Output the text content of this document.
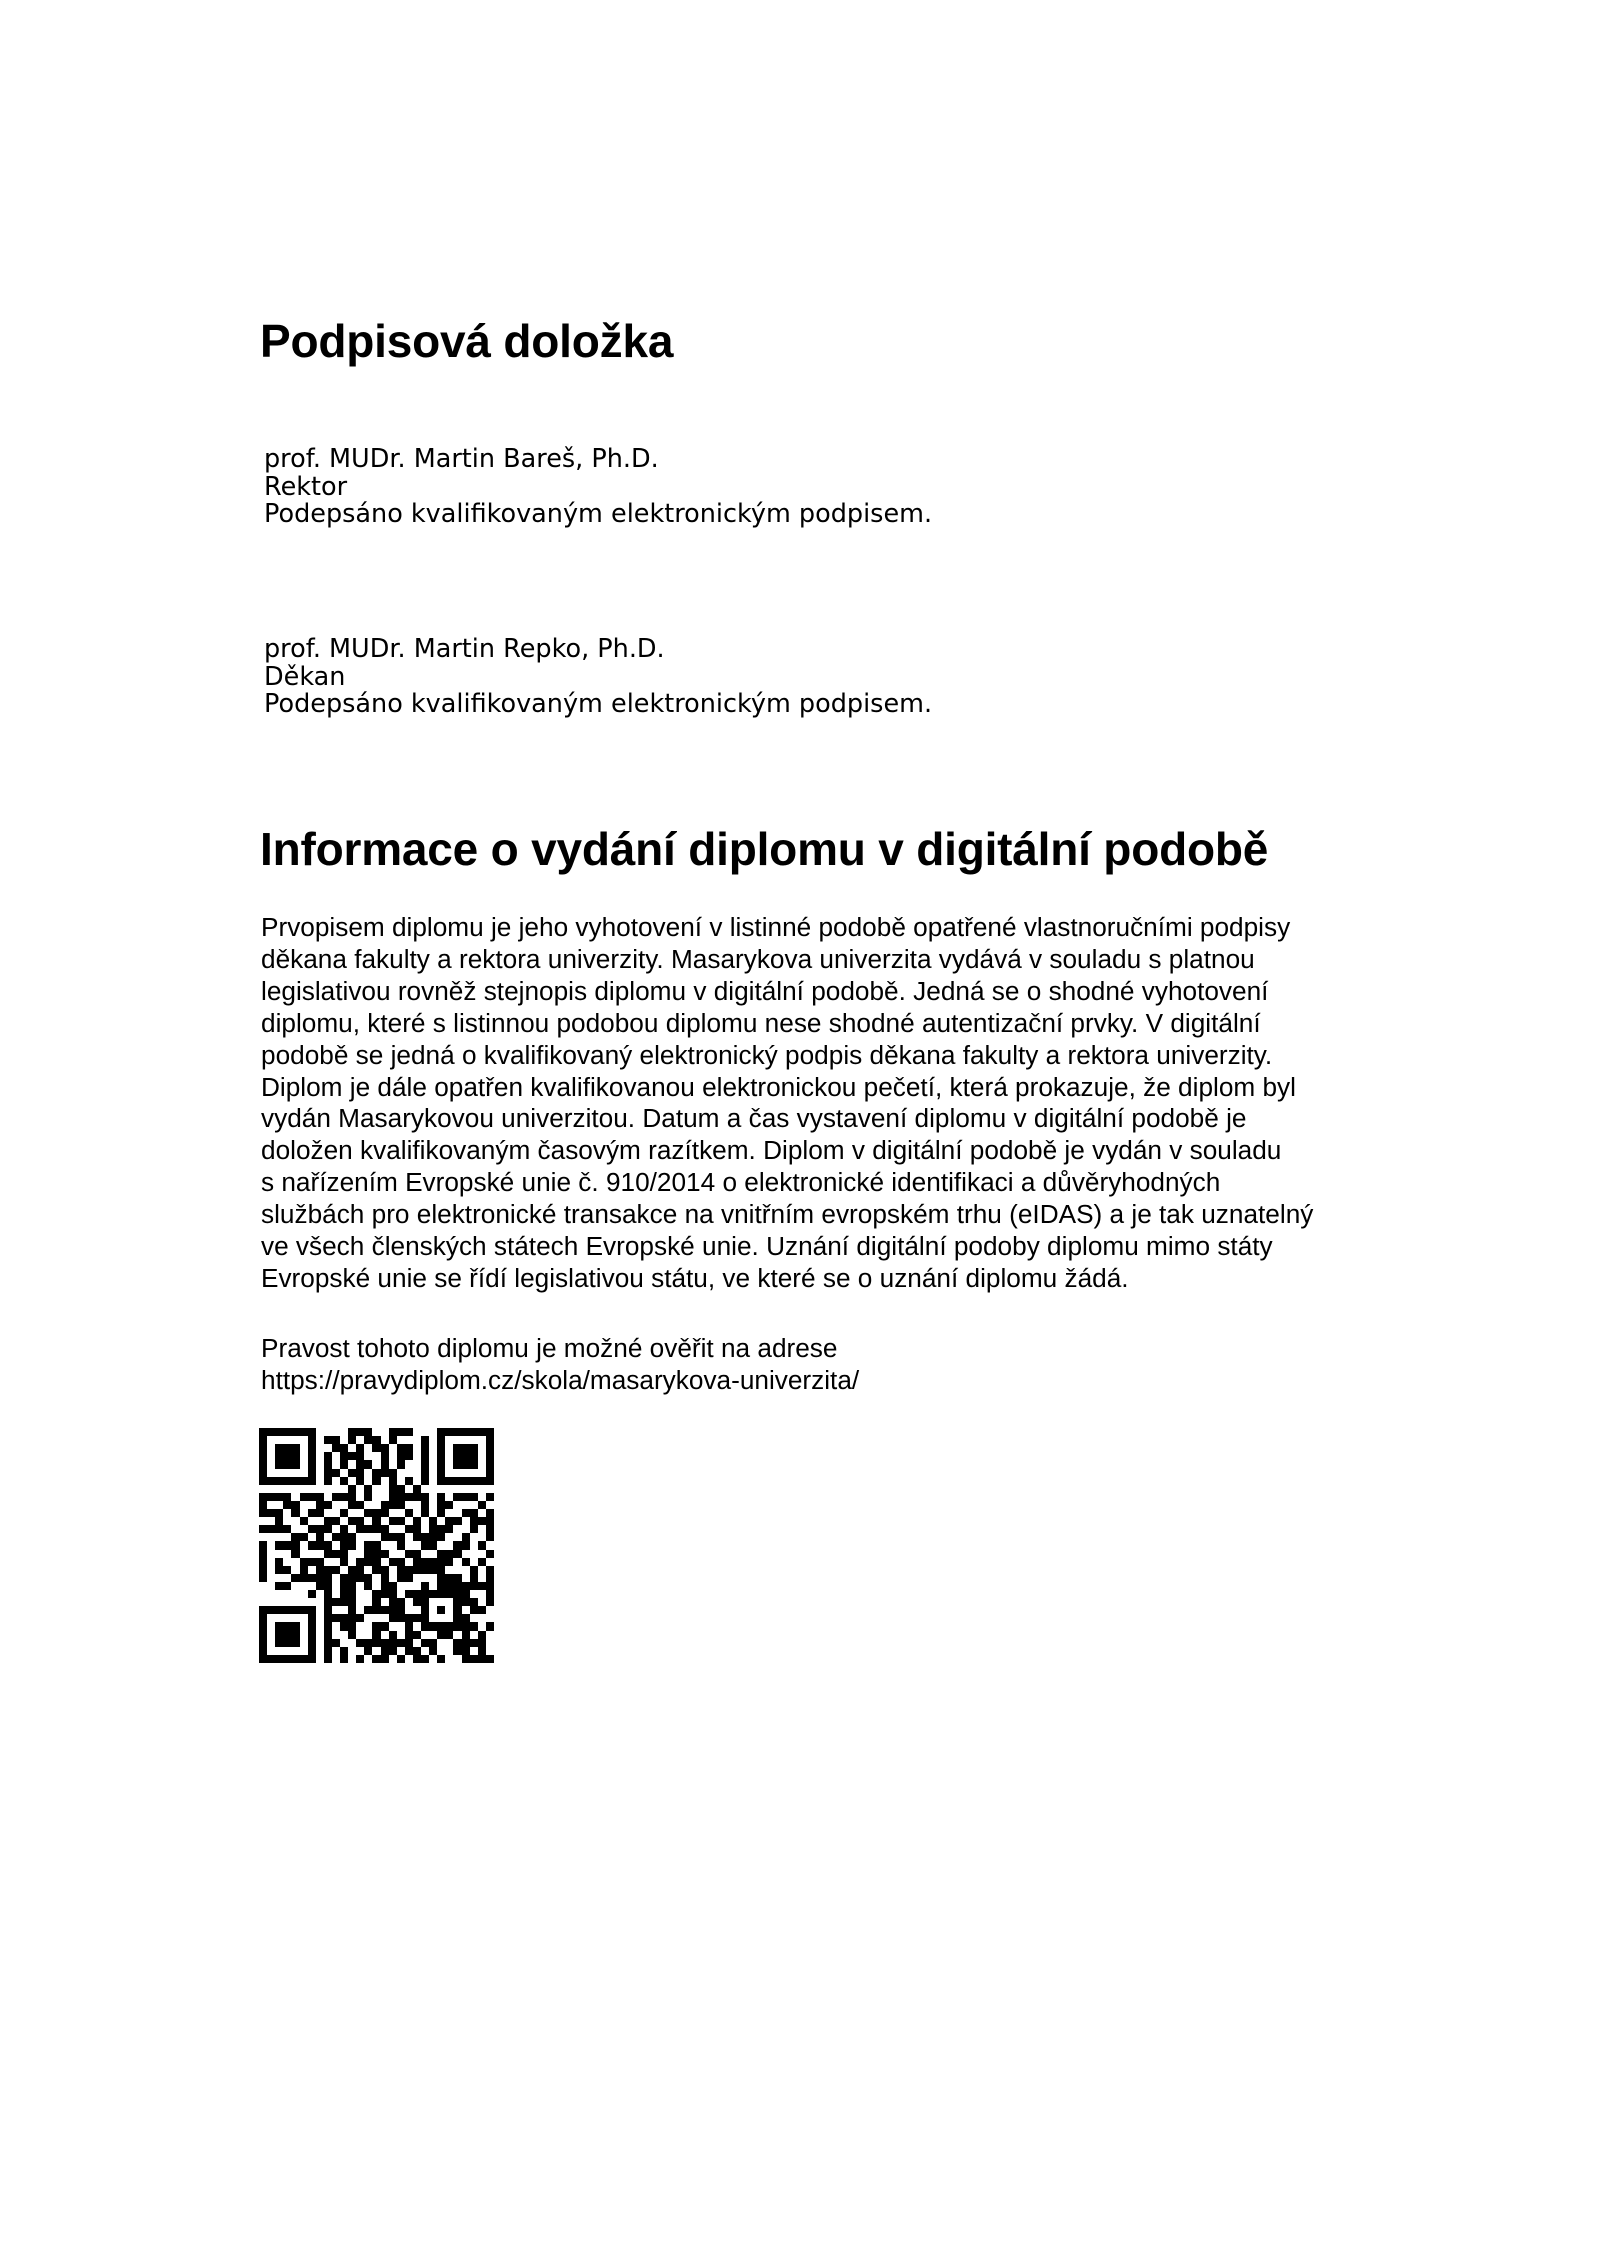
Podpisová doložka
prof. MUDr. Martin Bareš, Ph.D.
Rektor
Podepsáno kvalifikovaným elektronickým podpisem.
prof. MUDr. Martin Repko, Ph.D.
Děkan
Podepsáno kvalifikovaným elektronickým podpisem.
Informace o vydání diplomu v digitální podobě
Prvopisem diplomu je jeho vyhotovení v listinné podobě opatřené vlastnoručními podpisy
děkana fakulty a rektora univerzity. Masarykova univerzita vydává v souladu s platnou
legislativou rovněž stejnopis diplomu v digitální podobě. Jedná se o shodné vyhotovení
diplomu, které s listinnou podobou diplomu nese shodné autentizační prvky. V digitální
podobě se jedná o kvalifikovaný elektronický podpis děkana fakulty a rektora univerzity.
Diplom je dále opatřen kvalifikovanou elektronickou pečetí, která prokazuje, že diplom byl
vydán Masarykovou univerzitou. Datum a čas vystavení diplomu v digitální podobě je
doložen kvalifikovaným časovým razítkem. Diplom v digitální podobě je vydán v souladu
s nařízením Evropské unie č. 910/2014 o elektronické identifikaci a důvěryhodných
službách pro elektronické transakce na vnitřním evropském trhu (eIDAS) a je tak uznatelný
ve všech členských státech Evropské unie. Uznání digitální podoby diplomu mimo státy
Evropské unie se řídí legislativou státu, ve které se o uznání diplomu žádá.
Pravost tohoto diplomu je možné ověřit na adrese
https://pravydiplom.cz/skola/masarykova-univerzita/
